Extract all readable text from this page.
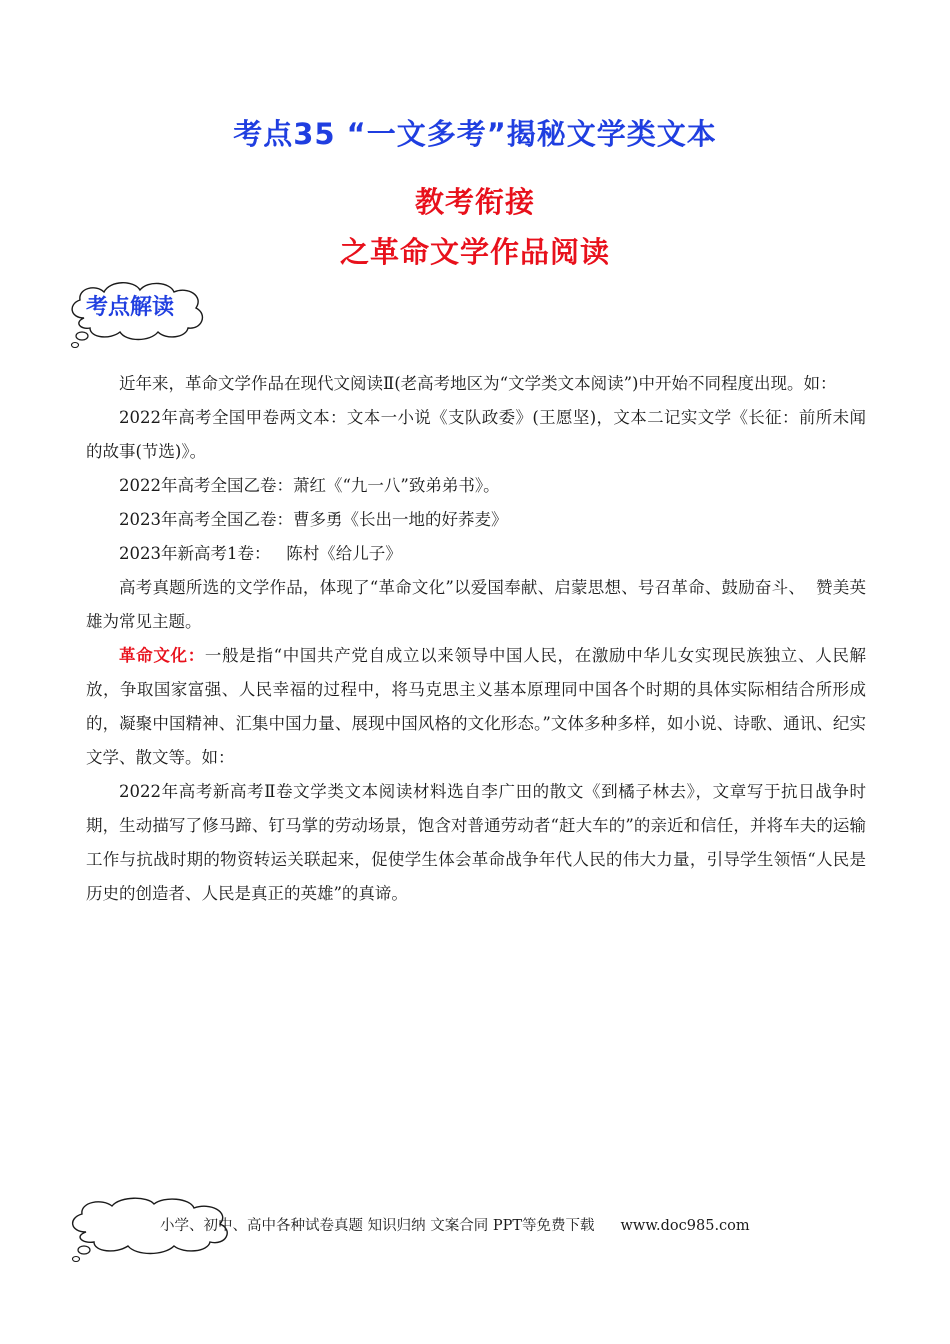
考点35 “一文多考”揭秘文学类文本
教考衔接
之革命文学作品阅读
考点解读

近年来，革命文学作品在现代文阅读Ⅱ(老高考地区为“文学类文本阅读”)中开始不同程度出现。如：

2022年高考全国甲卷两文本：文本一小说《支队政委》(王愿坚)，文本二记实文学《长征：前所未闻的故事(节选)》。

2022年高考全国乙卷：萧红《“九一八”致弟弟书》。

2023年高考全国乙卷：曹多勇《长出一地的好荞麦》

2023年新高考1卷：   陈村《给儿子》

高考真题所选的文学作品，体现了“革命文化”以爱国奉献、启蒙思想、号召革命、鼓励奋斗、  赞美英雄为常见主题。

革命文化：一般是指“中国共产党自成立以来领导中国人民，在激励中华儿女实现民族独立、人民解放，争取国家富强、人民幸福的过程中，将马克思主义基本原理同中国各个时期的具体实际相结合所形成的，凝聚中国精神、汇集中国力量、展现中国风格的文化形态。”文体多种多样，如小说、诗歌、通讯、纪实文学、散文等。如：

2022年高考新高考Ⅱ卷文学类文本阅读材料选自李广田的散文《到橘子林去》，文章写于抗日战争时期，生动描写了修马蹄、钉马掌的劳动场景，饱含对普通劳动者“赶大车的”的亲近和信任，并将车夫的运输工作与抗战时期的物资转运关联起来，促使学生体会革命战争年代人民的伟大力量，引导学生领悟“人民是历史的创造者、人民是真正的英雄”的真谛。

小学、初中、高中各种试卷真题 知识归纳 文案合同 PPT等免费下载 www.doc985.com
